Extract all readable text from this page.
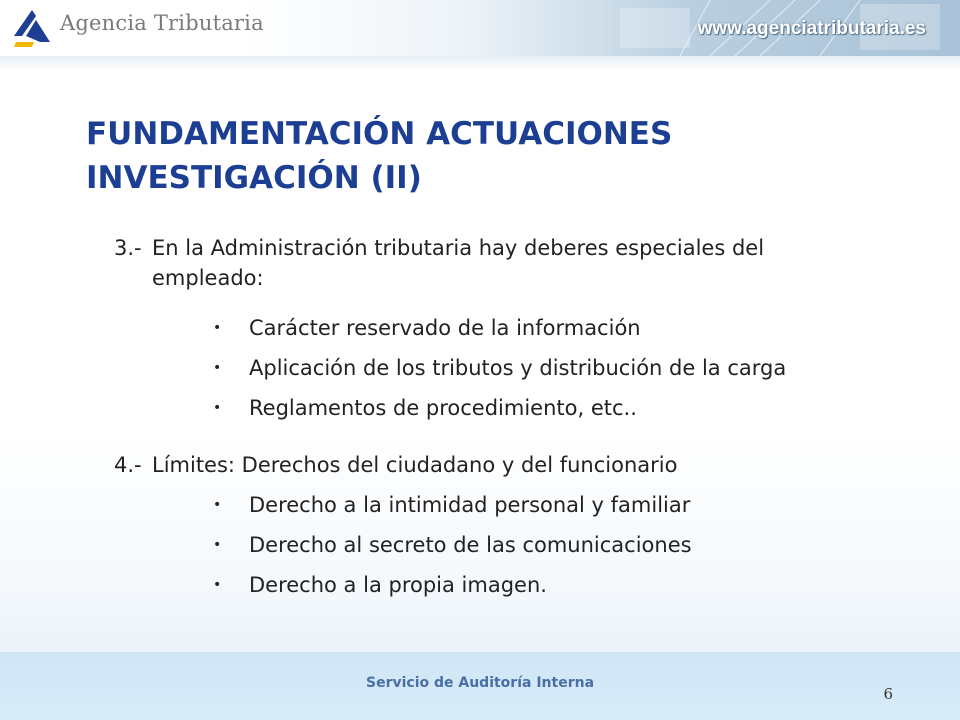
Agencia Tributaria	www.agenciatributaria.es
FUNDAMENTACIÓN ACTUACIONES
INVESTIGACIÓN (II)
3.- En la Administración tributaria hay deberes especiales del empleado:
• Carácter reservado de la información
• Aplicación de los tributos y distribución de la carga
• Reglamentos de procedimiento, etc..
4.- Límites: Derechos del ciudadano y del funcionario
• Derecho a la intimidad personal y familiar
• Derecho al secreto de las comunicaciones
• Derecho a la propia imagen.
Servicio de Auditoría Interna
6
